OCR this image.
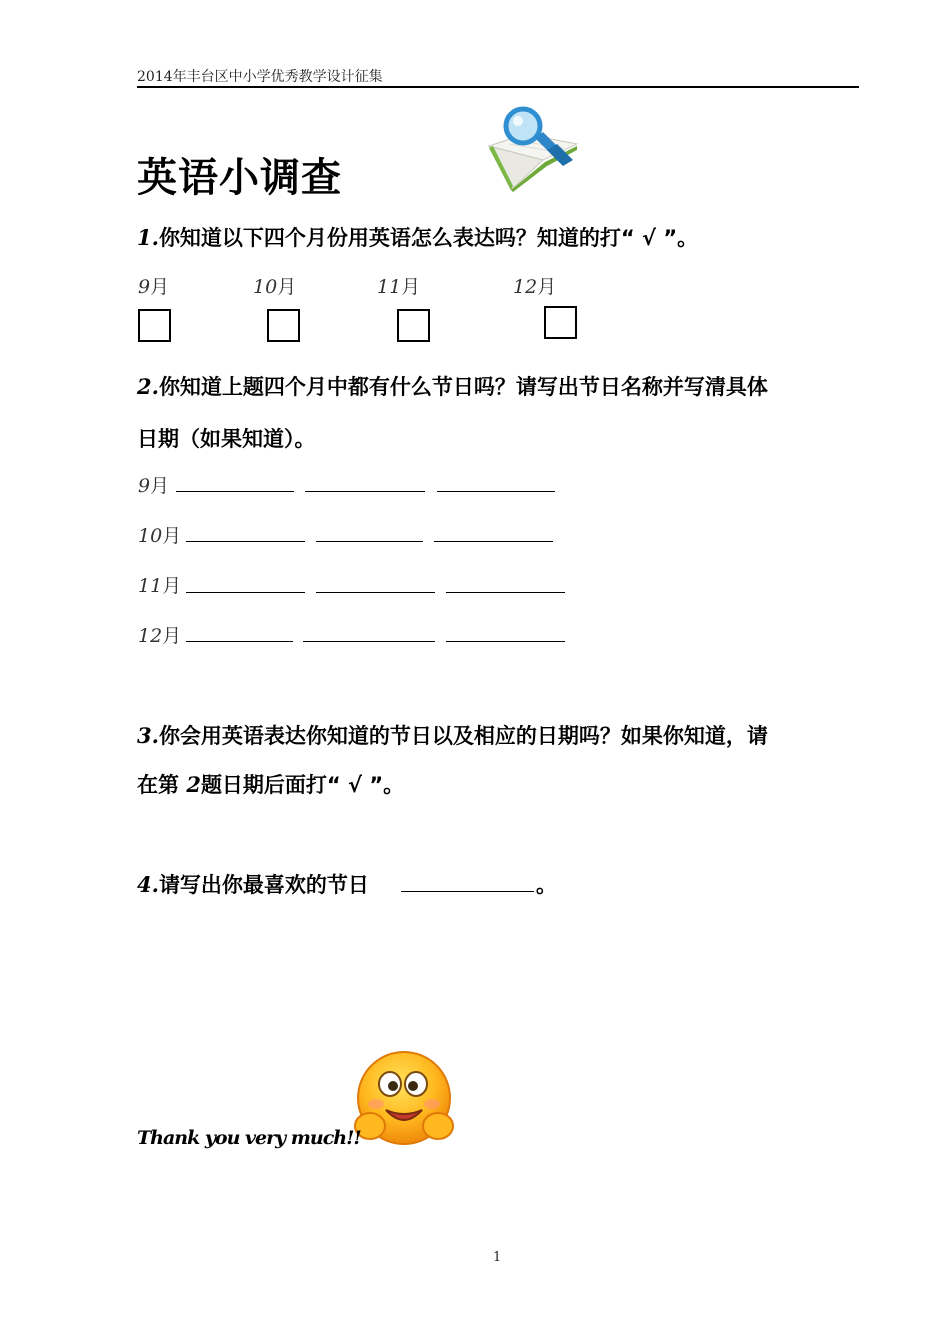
2014年丰台区中小学优秀教学设计征集
英语小调查
1.你知道以下四个月份用英语怎么表达吗？知道的打“ √ ”。
9月	10月	11月	12月
2.你知道上题四个月中都有什么节日吗？请写出节日名称并写清具体
日期（如果知道）。
9月
10月
11月
12月
3.你会用英语表达你知道的节日以及相应的日期吗？如果你知道，请
在第 2题日期后面打“ √ ”。
4.请写出你最喜欢的节日	。
Thank you very much!!
1
